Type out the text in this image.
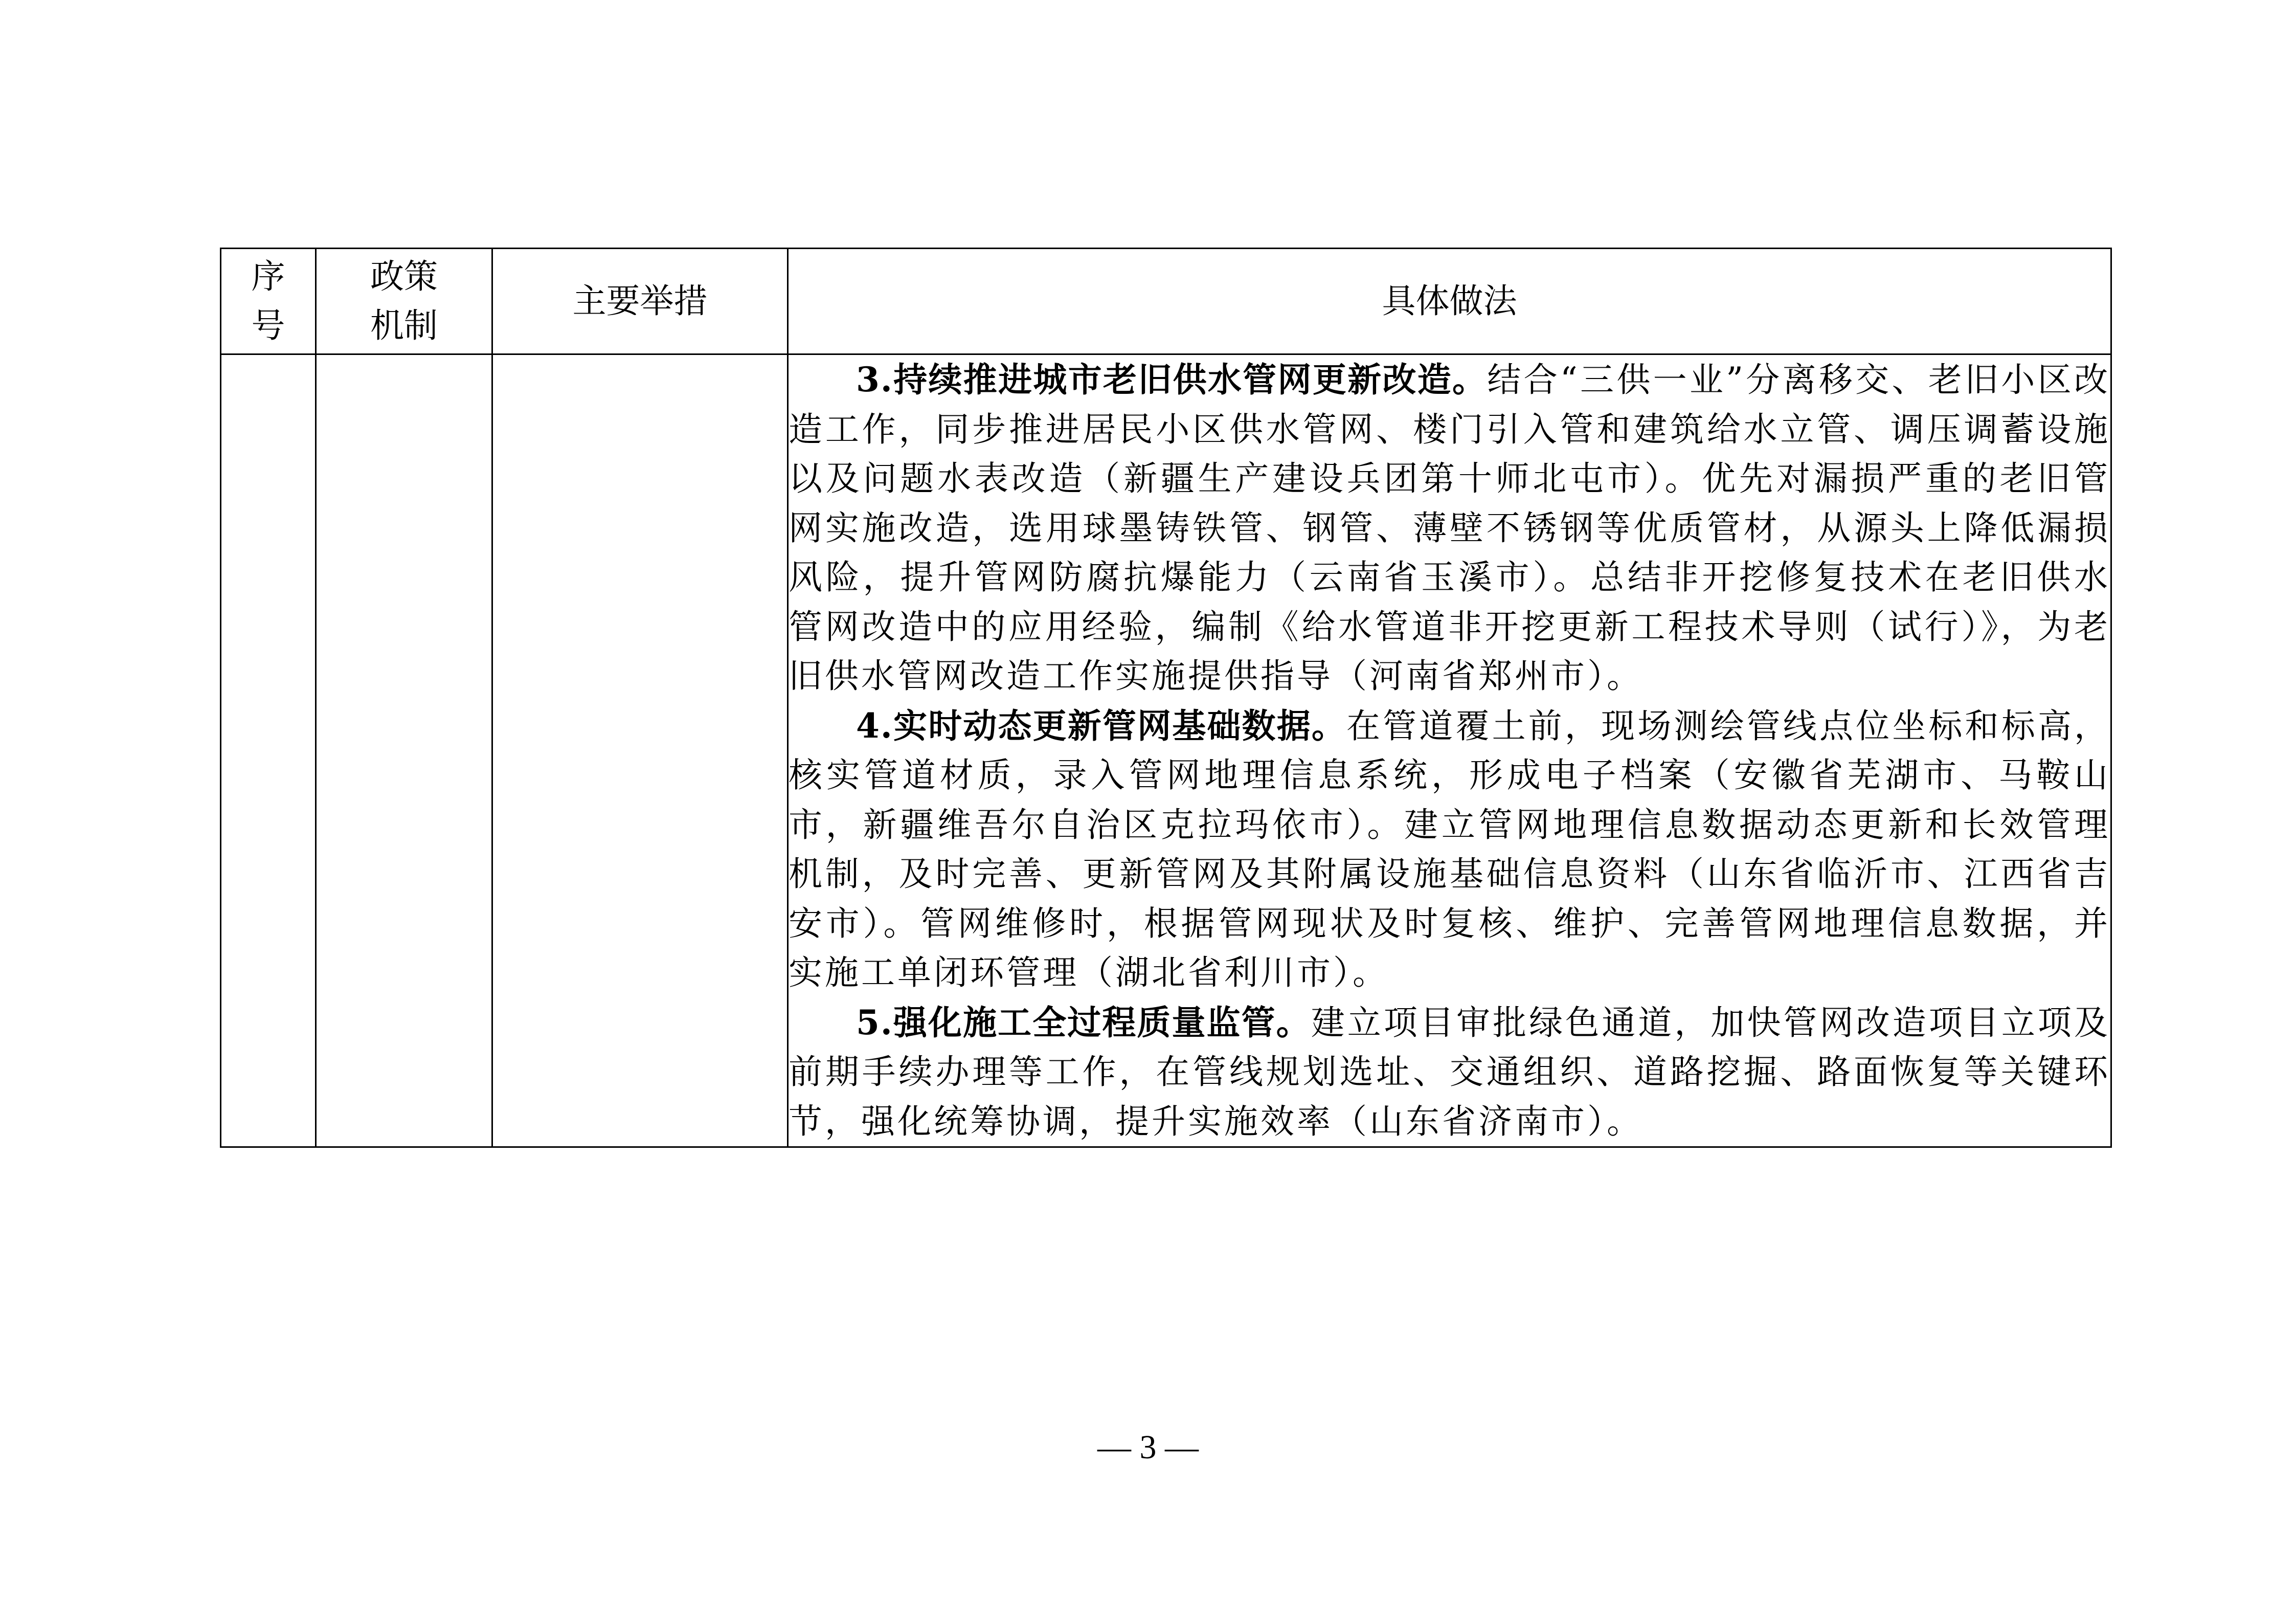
序
号	政策
机制	主要举措	具体做法

			3.持续推进城市老旧供水管网更新改造。结合“三供一业”分离移交、老旧小区改造工作，同步推进居民小区供水管网、楼门引入管和建筑给水立管、调压调蓄设施以及问题水表改造（新疆生产建设兵团第十师北屯市）。优先对漏损严重的老旧管网实施改造，选用球墨铸铁管、钢管、薄壁不锈钢等优质管材，从源头上降低漏损风险，提升管网防腐抗爆能力（云南省玉溪市）。总结非开挖修复技术在老旧供水管网改造中的应用经验，编制《给水管道非开挖更新工程技术导则（试行）》，为老旧供水管网改造工作实施提供指导（河南省郑州市）。

4.实时动态更新管网基础数据。在管道覆土前，现场测绘管线点位坐标和标高，核实管道材质，录入管网地理信息系统，形成电子档案（安徽省芜湖市、马鞍山市，新疆维吾尔自治区克拉玛依市）。建立管网地理信息数据动态更新和长效管理机制，及时完善、更新管网及其附属设施基础信息资料（山东省临沂市、江西省吉安市）。管网维修时，根据管网现状及时复核、维护、完善管网地理信息数据，并实施工单闭环管理（湖北省利川市）。

5.强化施工全过程质量监管。建立项目审批绿色通道，加快管网改造项目立项及前期手续办理等工作，在管线规划选址、交通组织、道路挖掘、路面恢复等关键环节，强化统筹协调，提升实施效率（山东省济南市）。

— 3 —
